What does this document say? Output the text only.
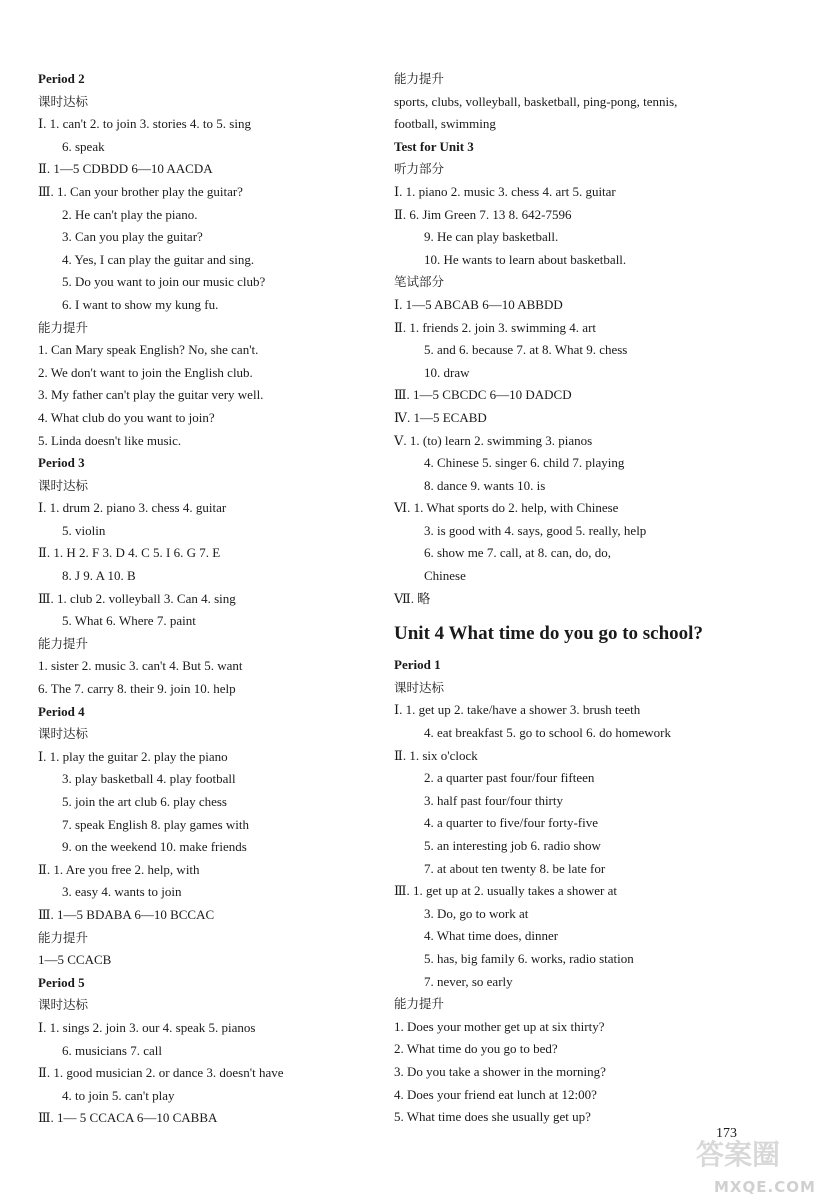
Period 2
课时达标
Ⅰ. 1. can't 2. to join 3. stories 4. to 5. sing
6. speak
Ⅱ. 1—5 CDBDD 6—10 AACDA
Ⅲ. 1. Can your brother play the guitar?
2. He can't play the piano.
3. Can you play the guitar?
4. Yes, I can play the guitar and sing.
5. Do you want to join our music club?
6. I want to show my kung fu.
能力提升
1. Can Mary speak English? No, she can't.
2. We don't want to join the English club.
3. My father can't play the guitar very well.
4. What club do you want to join?
5. Linda doesn't like music.
Period 3
课时达标
Ⅰ. 1. drum 2. piano 3. chess 4. guitar
5. violin
Ⅱ. 1. H 2. F 3. D 4. C 5. I 6. G 7. E
8. J 9. A 10. B
Ⅲ. 1. club 2. volleyball 3. Can 4. sing
5. What 6. Where 7. paint
能力提升
1. sister 2. music 3. can't 4. But 5. want
6. The 7. carry 8. their 9. join 10. help
Period 4
课时达标
Ⅰ. 1. play the guitar 2. play the piano
3. play basketball 4. play football
5. join the art club 6. play chess
7. speak English 8. play games with
9. on the weekend 10. make friends
Ⅱ. 1. Are you free 2. help, with
3. easy 4. wants to join
Ⅲ. 1—5 BDABA 6—10 BCCAC
能力提升
1—5 CCACB
Period 5
课时达标
Ⅰ. 1. sings 2. join 3. our 4. speak 5. pianos
6. musicians 7. call
Ⅱ. 1. good musician 2. or dance 3. doesn't have
4. to join 5. can't play
Ⅲ. 1— 5 CCACA 6—10 CABBA
能力提升
sports, clubs, volleyball, basketball, ping-pong, tennis,
football, swimming
Test for Unit 3
听力部分
Ⅰ. 1. piano 2. music 3. chess 4. art 5. guitar
Ⅱ. 6. Jim Green 7. 13 8. 642-7596
9. He can play basketball.
10. He wants to learn about basketball.
笔试部分
Ⅰ. 1—5 ABCAB 6—10 ABBDD
Ⅱ. 1. friends 2. join 3. swimming 4. art
5. and 6. because 7. at 8. What 9. chess
10. draw
Ⅲ. 1—5 CBCDC 6—10 DADCD
Ⅳ. 1—5 ECABD
Ⅴ. 1. (to) learn 2. swimming 3. pianos
4. Chinese 5. singer 6. child 7. playing
8. dance 9. wants 10. is
Ⅵ. 1. What sports do 2. help, with Chinese
3. is good with 4. says, good 5. really, help
6. show me 7. call, at 8. can, do, do,
Chinese
Ⅶ. 略
Unit 4 What time do you go to school?
Period 1
课时达标
Ⅰ. 1. get up 2. take/have a shower 3. brush teeth
4. eat breakfast 5. go to school 6. do homework
Ⅱ. 1. six o'clock
2. a quarter past four/four fifteen
3. half past four/four thirty
4. a quarter to five/four forty-five
5. an interesting job 6. radio show
7. at about ten twenty 8. be late for
Ⅲ. 1. get up at 2. usually takes a shower at
3. Do, go to work at
4. What time does, dinner
5. has, big family 6. works, radio station
7. never, so early
能力提升
1. Does your mother get up at six thirty?
2. What time do you go to bed?
3. Do you take a shower in the morning?
4. Does your friend eat lunch at 12:00?
5. What time does she usually get up?
173
答案圈
MXQE.COM
